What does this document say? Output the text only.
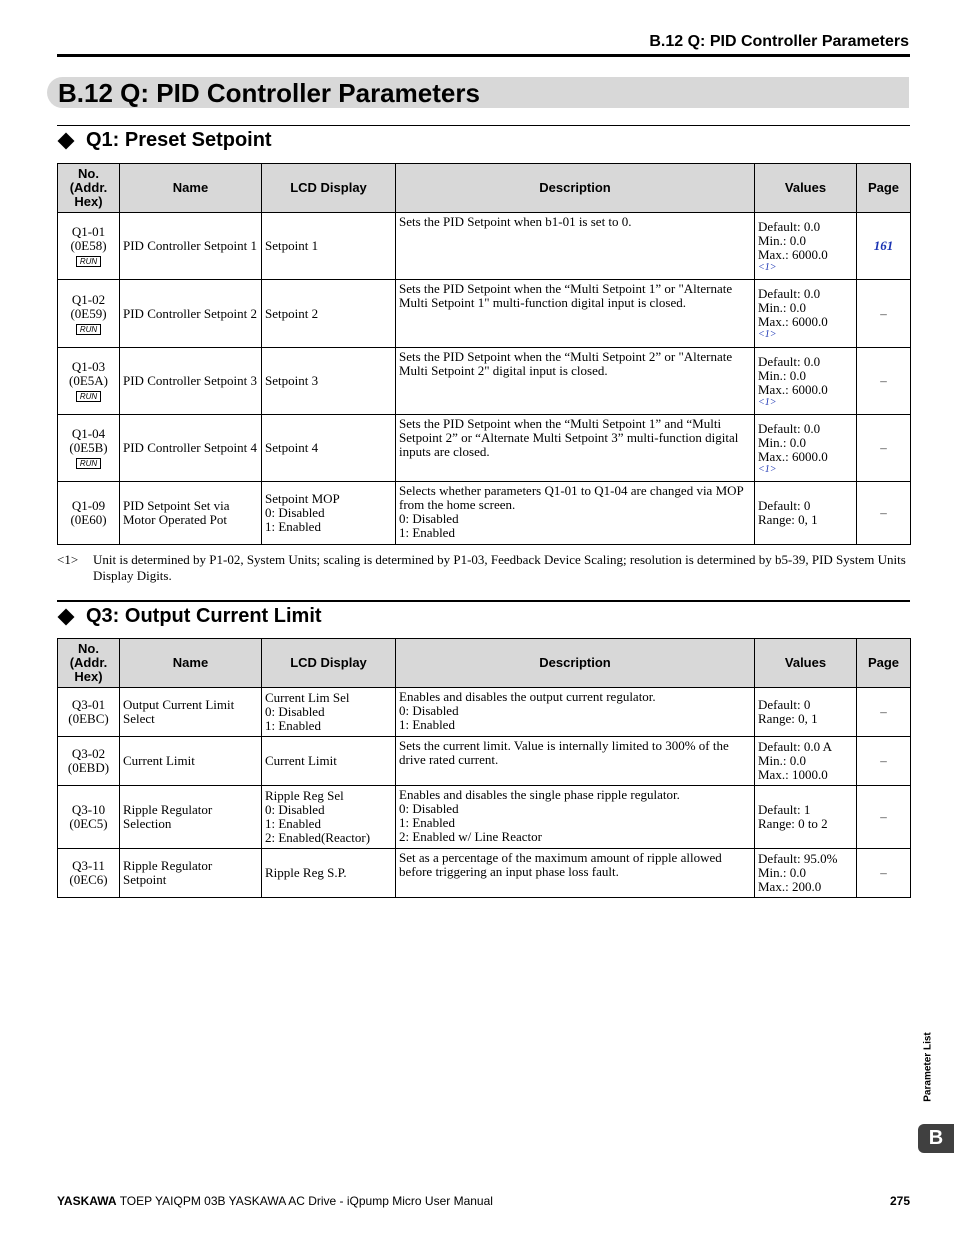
B.12 Q: PID Controller Parameters
B.12 Q: PID Controller Parameters
Q1: Preset Setpoint
No.
(Addr.
Hex)	Name	LCD Display	Description	Values	Page

Q1-01
(0E58)
RUN	PID Controller Setpoint 1	Setpoint 1	Sets the PID Setpoint when b1-01 is set to 0.	Default: 0.0
Min.: 0.0
Max.: 6000.0
<1>	161

Q1-02
(0E59)
RUN	PID Controller Setpoint 2	Setpoint 2	Sets the PID Setpoint when the “Multi Setpoint 1” or "Alternate Multi Setpoint 1" multi-function digital input is closed.	Default: 0.0
Min.: 0.0
Max.: 6000.0
<1>	–

Q1-03
(0E5A)
RUN	PID Controller Setpoint 3	Setpoint 3	Sets the PID Setpoint when the “Multi Setpoint 2” or "Alternate Multi Setpoint 2" digital input is closed.	Default: 0.0
Min.: 0.0
Max.: 6000.0
<1>	–

Q1-04
(0E5B)
RUN	PID Controller Setpoint 4	Setpoint 4	Sets the PID Setpoint when the “Multi Setpoint 1” and “Multi Setpoint 2” or “Alternate Multi Setpoint 3” multi-function digital inputs are closed.	Default: 0.0
Min.: 0.0
Max.: 6000.0
<1>	–

Q1-09
(0E60)	PID Setpoint Set via Motor Operated Pot	Setpoint MOP
0: Disabled
1: Enabled	Selects whether parameters Q1-01 to Q1-04 are changed via MOP from the home screen.
0: Disabled
1: Enabled	Default: 0
Range: 0, 1	–
<1>	Unit is determined by P1-02, System Units; scaling is determined by P1-03, Feedback Device Scaling; resolution is determined by b5-39, PID System Units Display Digits.
Q3: Output Current Limit
No.
(Addr.
Hex)	Name	LCD Display	Description	Values	Page

Q3-01
(0EBC)	Output Current Limit Select	Current Lim Sel
0: Disabled
1: Enabled	Enables and disables the output current regulator.
0: Disabled
1: Enabled	Default: 0
Range: 0, 1	–

Q3-02
(0EBD)	Current Limit	Current Limit	Sets the current limit. Value is internally limited to 300% of the drive rated current.	Default: 0.0 A
Min.: 0.0
Max.: 1000.0	–

Q3-10
(0EC5)	Ripple Regulator Selection	Ripple Reg Sel
0: Disabled
1: Enabled
2: Enabled(Reactor)	Enables and disables the single phase ripple regulator.
0: Disabled
1: Enabled
2: Enabled w/ Line Reactor	Default: 1
Range: 0 to 2	–

Q3-11
(0EC6)	Ripple Regulator Setpoint	Ripple Reg S.P.	Set as a percentage of the maximum amount of ripple allowed before triggering an input phase loss fault.	Default: 95.0%
Min.: 0.0
Max.: 200.0	–
Parameter List
B
YASKAWA TOEP YAIQPM 03B YASKAWA AC Drive - iQpump Micro User Manual	275
